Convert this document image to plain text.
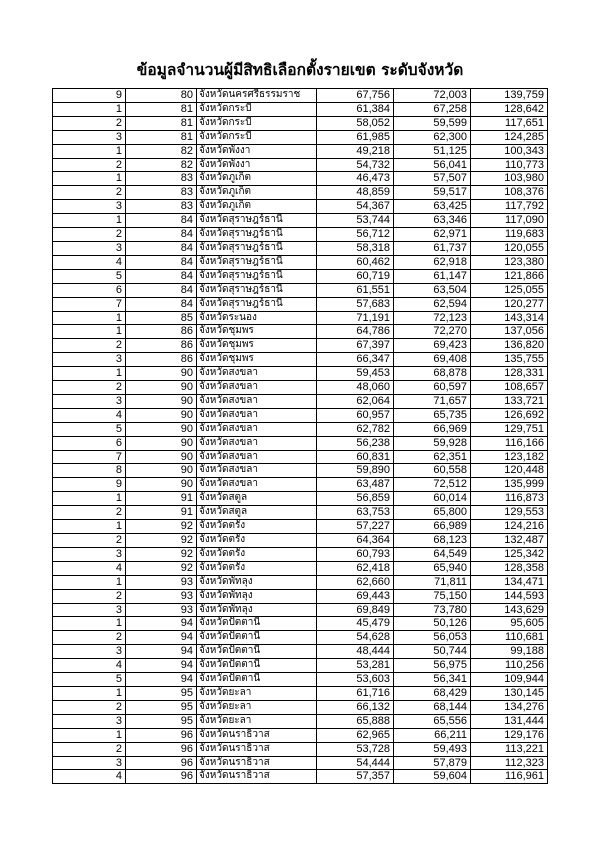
ข้อมูลจำนวนผู้มีสิทธิเลือกตั้งรายเขต ระดับจังหวัด
9	80	จังหวัดนครศรีธรรมราช	67,756	72,003	139,759
1	81	จังหวัดกระบี่	61,384	67,258	128,642
2	81	จังหวัดกระบี่	58,052	59,599	117,651
3	81	จังหวัดกระบี่	61,985	62,300	124,285
1	82	จังหวัดพังงา	49,218	51,125	100,343
2	82	จังหวัดพังงา	54,732	56,041	110,773
1	83	จังหวัดภูเก็ต	46,473	57,507	103,980
2	83	จังหวัดภูเก็ต	48,859	59,517	108,376
3	83	จังหวัดภูเก็ต	54,367	63,425	117,792
1	84	จังหวัดสุราษฎร์ธานี	53,744	63,346	117,090
2	84	จังหวัดสุราษฎร์ธานี	56,712	62,971	119,683
3	84	จังหวัดสุราษฎร์ธานี	58,318	61,737	120,055
4	84	จังหวัดสุราษฎร์ธานี	60,462	62,918	123,380
5	84	จังหวัดสุราษฎร์ธานี	60,719	61,147	121,866
6	84	จังหวัดสุราษฎร์ธานี	61,551	63,504	125,055
7	84	จังหวัดสุราษฎร์ธานี	57,683	62,594	120,277
1	85	จังหวัดระนอง	71,191	72,123	143,314
1	86	จังหวัดชุมพร	64,786	72,270	137,056
2	86	จังหวัดชุมพร	67,397	69,423	136,820
3	86	จังหวัดชุมพร	66,347	69,408	135,755
1	90	จังหวัดสงขลา	59,453	68,878	128,331
2	90	จังหวัดสงขลา	48,060	60,597	108,657
3	90	จังหวัดสงขลา	62,064	71,657	133,721
4	90	จังหวัดสงขลา	60,957	65,735	126,692
5	90	จังหวัดสงขลา	62,782	66,969	129,751
6	90	จังหวัดสงขลา	56,238	59,928	116,166
7	90	จังหวัดสงขลา	60,831	62,351	123,182
8	90	จังหวัดสงขลา	59,890	60,558	120,448
9	90	จังหวัดสงขลา	63,487	72,512	135,999
1	91	จังหวัดสตูล	56,859	60,014	116,873
2	91	จังหวัดสตูล	63,753	65,800	129,553
1	92	จังหวัดตรัง	57,227	66,989	124,216
2	92	จังหวัดตรัง	64,364	68,123	132,487
3	92	จังหวัดตรัง	60,793	64,549	125,342
4	92	จังหวัดตรัง	62,418	65,940	128,358
1	93	จังหวัดพัทลุง	62,660	71,811	134,471
2	93	จังหวัดพัทลุง	69,443	75,150	144,593
3	93	จังหวัดพัทลุง	69,849	73,780	143,629
1	94	จังหวัดปัตตานี	45,479	50,126	95,605
2	94	จังหวัดปัตตานี	54,628	56,053	110,681
3	94	จังหวัดปัตตานี	48,444	50,744	99,188
4	94	จังหวัดปัตตานี	53,281	56,975	110,256
5	94	จังหวัดปัตตานี	53,603	56,341	109,944
1	95	จังหวัดยะลา	61,716	68,429	130,145
2	95	จังหวัดยะลา	66,132	68,144	134,276
3	95	จังหวัดยะลา	65,888	65,556	131,444
1	96	จังหวัดนราธิวาส	62,965	66,211	129,176
2	96	จังหวัดนราธิวาส	53,728	59,493	113,221
3	96	จังหวัดนราธิวาส	54,444	57,879	112,323
4	96	จังหวัดนราธิวาส	57,357	59,604	116,961
